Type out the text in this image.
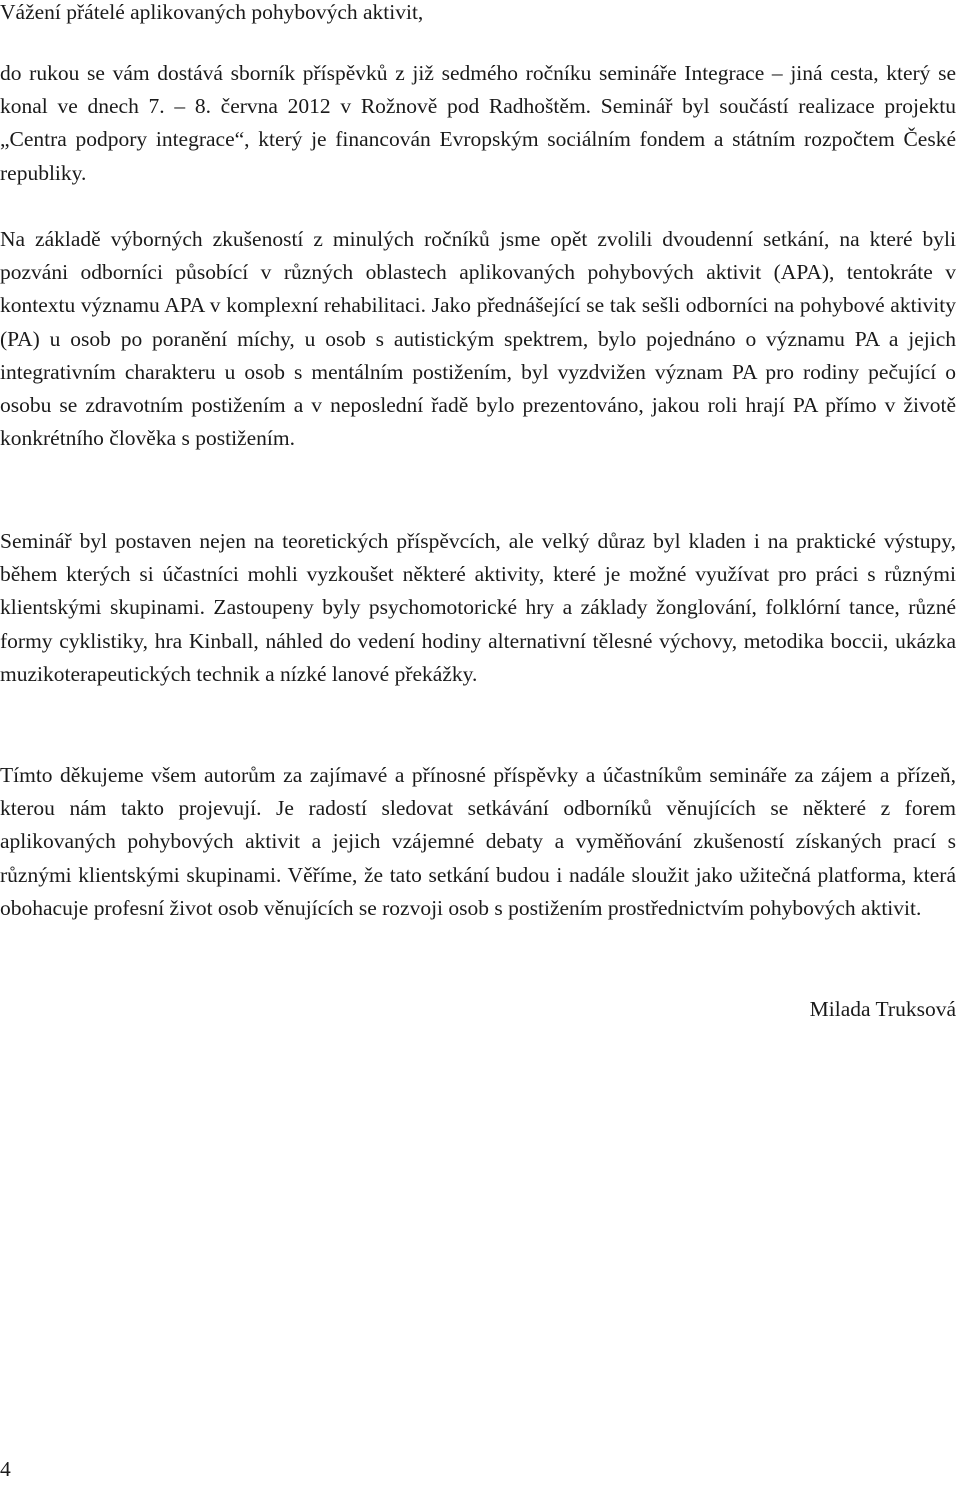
Vážení přátelé aplikovaných pohybových aktivit,

do rukou se vám dostává sborník příspěvků z již sedmého ročníku semináře Integrace – jiná cesta, který se konal ve dnech 7. – 8. června 2012 v Rožnově pod Radhoštěm. Seminář byl součástí realizace projektu „Centra podpory integrace“, který je financován Evropským sociálním fondem a státním rozpočtem České republiky.

Na základě výborných zkušeností z minulých ročníků jsme opět zvolili dvoudenní setkání, na které byli pozváni odborníci působící v různých oblastech aplikovaných pohybových aktivit (APA), tentokráte v kontextu významu APA v komplexní rehabilitaci. Jako přednášející se tak sešli odborníci na pohybové aktivity (PA) u osob po poranění míchy, u osob s autistickým spektrem, bylo pojednáno o významu PA a jejich integrativním charakteru u osob s mentálním postižením, byl vyzdvižen význam PA pro rodiny pečující o osobu se zdravotním postižením a v neposlední řadě bylo prezentováno, jakou roli hrají PA přímo v životě konkrétního člověka s postižením.

Seminář byl postaven nejen na teoretických příspěvcích, ale velký důraz byl kladen i na praktické výstupy, během kterých si účastníci mohli vyzkoušet některé aktivity, které je možné využívat pro práci s různými klientskými skupinami. Zastoupeny byly psychomotorické hry a základy žonglování, folklórní tance, různé formy cyklistiky, hra Kinball, náhled do vedení hodiny alternativní tělesné výchovy, metodika boccii, ukázka muzikoterapeutických technik a nízké lanové překážky.

Tímto děkujeme všem autorům za zajímavé a přínosné příspěvky a účastníkům semináře za zájem a přízeň, kterou nám takto projevují. Je radostí sledovat setkávání odborníků věnujících se některé z forem aplikovaných pohybových aktivit a jejich vzájemné debaty a vyměňování zkušeností získaných prací s různými klientskými skupinami. Věříme, že tato setkání budou i nadále sloužit jako užitečná platforma, která obohacuje profesní život osob věnujících se rozvoji osob s postižením prostřednictvím pohybových aktivit.

Milada Truksová

4
